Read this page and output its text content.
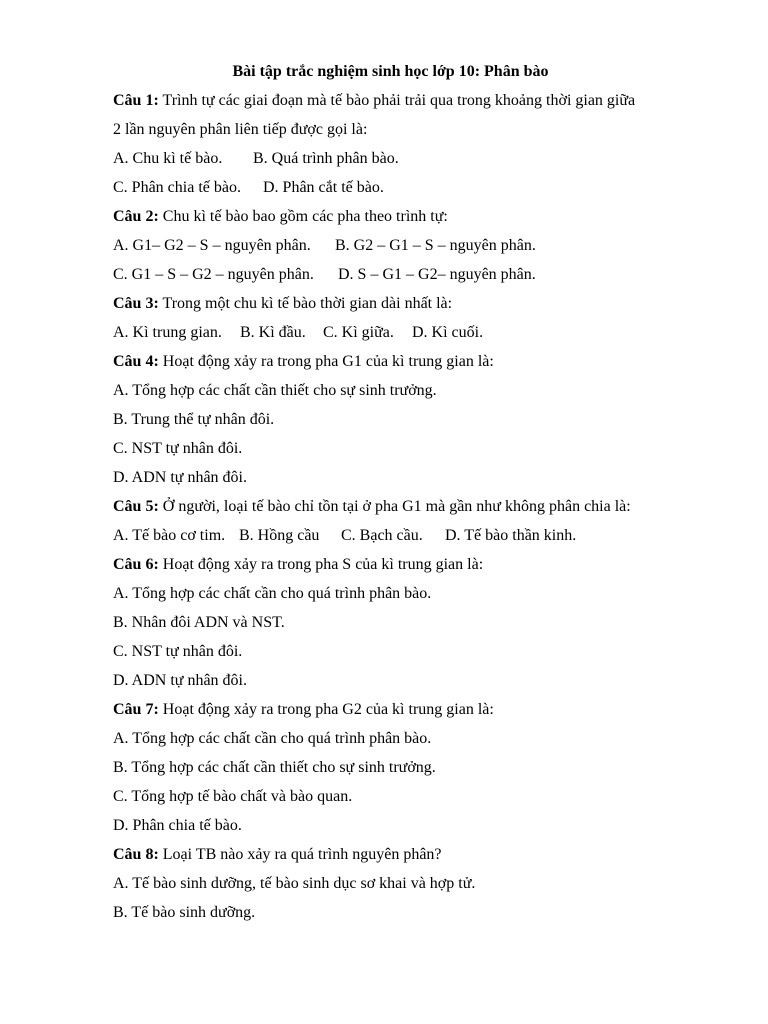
Bài tập trắc nghiệm sinh học lớp 10: Phân bào
Câu 1: Trình tự các giai đoạn mà tế bào phải trải qua trong khoảng thời gian giữa
2 lần nguyên phân liên tiếp được gọi là:
A. Chu kì tế bào. B. Quá trình phân bào.
C. Phân chia tế bào. D. Phân cắt tế bào.
Câu 2: Chu kì tế bào bao gồm các pha theo trình tự:
A. G1– G2 – S – nguyên phân. B. G2 – G1 – S – nguyên phân.
C. G1 – S – G2 – nguyên phân. D. S – G1 – G2– nguyên phân.
Câu 3: Trong một chu kì tế bào thời gian dài nhất là:
A. Kì trung gian. B. Kì đầu. C. Kì giữa. D. Kì cuối.
Câu 4: Hoạt động xảy ra trong pha G1 của kì trung gian là:
A. Tổng hợp các chất cần thiết cho sự sinh trưởng.
B. Trung thể tự nhân đôi.
C. NST tự nhân đôi.
D. ADN tự nhân đôi.
Câu 5: Ở người, loại tế bào chỉ tồn tại ở pha G1 mà gần như không phân chia là:
A. Tế bào cơ tim. B. Hồng cầu C. Bạch cầu. D. Tế bào thần kinh.
Câu 6: Hoạt động xảy ra trong pha S của kì trung gian là:
A. Tổng hợp các chất cần cho quá trình phân bào.
B. Nhân đôi ADN và NST.
C. NST tự nhân đôi.
D. ADN tự nhân đôi.
Câu 7: Hoạt động xảy ra trong pha G2 của kì trung gian là:
A. Tổng hợp các chất cần cho quá trình phân bào.
B. Tổng hợp các chất cần thiết cho sự sinh trưởng.
C. Tổng hợp tế bào chất và bào quan.
D. Phân chia tế bào.
Câu 8: Loại TB nào xảy ra quá trình nguyên phân?
A. Tế bào sinh dưỡng, tế bào sinh dục sơ khai và hợp tử.
B. Tế bào sinh dưỡng.
